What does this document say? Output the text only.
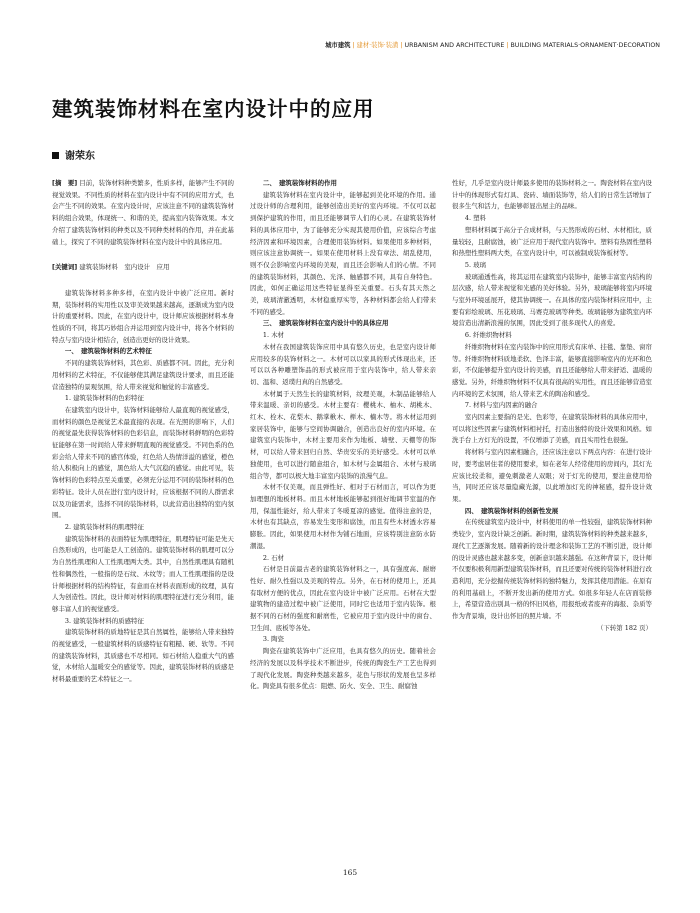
城市建筑 | 建材·装饰·装潢 | URBANISM AND ARCHITECTURE | BUILDING MATERIALS·ORNAMENT·DECORATION
建筑装饰材料在室内设计中的应用
谢荣东

[摘　要] 目前，装饰材料种类繁多，性质多样，能够产生不同的视觉效果。不同性质的材料在室内设计中有不同的应用方式，也会产生不同的效果。在室内设计时，应该注意不同的建筑装饰材料的组合效果，体现统一、和谐的美，提高室内装饰效果。本文介绍了建筑装饰材料的种类以及不同种类材料的作用，并在此基础上，探究了不同的建筑装饰材料在室内设计中的具体应用。

[关键词] 建筑装饰材料　室内设计　应用

建筑装饰材料多种多样，在室内设计中被广泛应用。新时期，装饰材料的实用性以及审美效果越来越高，逐渐成为室内设计的重要材料。因此，在室内设计中，设计师应该根据材料本身性质的不同，将其巧妙组合并运用到室内设计中，将各个材料的特点与室内设计相结合，创造出更好的设计效果。

一、　建筑装饰材料的艺术特征

不同的建筑装饰材料，其色彩、质感都不同。因此，充分利用材料的艺术特征，不仅能够使其满足建筑设计要求，而且还能营造独特的景观氛围，给人带来视觉和触觉的丰富感受。

1. 建筑装饰材料的色彩特征

在建筑室内设计中，装饰材料能够给人最直观的视觉感受，而材料的颜色是视觉艺术最直接的表现。在光照的影响下，人们的视觉最先获得装饰材料的色彩信息，而装饰材料鲜明的色彩特征能够在第一时间给人带来鲜明直观的视觉感受。不同色系的色彩会给人带来不同的感官体验，红色给人热情洋溢的感觉，橙色给人积极向上的感觉，黑色给人大气沉稳的感觉。由此可见，装饰材料的色彩特点至关重要，必须充分运用不同的装饰材料的色彩特征。设计人员在进行室内设计时，应该根据不同的人群需求以及功能需求，选择不同的装饰材料，以此营造出独特的室内氛围。

2. 建筑装饰材料的肌理特征

建筑装饰材料的表面特征为肌理特征，肌理特征可能是先天自然形成的，也可能是人工创造的。建筑装饰材料的肌理可以分为自然性肌理和人工性肌理两大类。其中，自然性肌理具有随机性和偶然性，一般指的是石纹、木纹等；而人工性肌理指的是设计师根据材料的结构特征，有意而在材料表面形成的纹理，具有人为创造性。因此，设计师对材料的肌理特征进行充分利用，能够丰富人们的视觉感受。

3. 建筑装饰材料的质感特征

建筑装饰材料的质地特征是其自然属性，能够给人带来独特的视觉感受，一般建筑材料的质感特征有粗糙、硬、软等。不同的建筑装饰材料，其质感也不尽相同。如石材给人稳重大气的感觉，木材给人温暖安全的感觉等。因此，建筑装饰材料的质感是材料最重要的艺术特征之一。

二、　建筑装饰材料的作用

建筑装饰材料在室内设计中，能够起到美化环境的作用。通过设计师的合理利用，能够创造出美好的室内环境。不仅可以起到保护建筑的作用，而且还能够调节人们的心灵。在建筑装饰材料的具体应用中，为了能够充分实现其使用价值，应该综合考虑经济因素和环境因素，合理使用装饰材料。如果使用多种材料，则应该注意协调统一。如果在使用材料上没有章法、胡乱使用，则不仅会影响室内环境的美观，而且还会影响人们的心情。不同的建筑装饰材料，其颜色、光泽、触感都不同，具有自身特色。因此，如何正确运用这些特征显得至关重要。石头有其天然之美，玻璃清澈透明，木材稳重厚实等，各种材料都会给人们带来不同的感受。

三、　建筑装饰材料在室内设计中的具体应用

1. 木材

木材在我国建筑装饰应用中具有悠久历史，也是室内设计师应用较多的装饰材料之一。木材可以以家具的形式体现出来，还可以以各种雕塑饰品的形式被应用于室内装饰中，给人带来亲切、温和、返璞归真的自然感受。

木材属于天然生长的建筑材料，纹理美观，木制品能够给人带来温暖、亲切的感受。木材主要有：樱桃木、柚木、胡桃木、红木、栓木、花梨木、鹅掌楸木、榉木、楠木等。将木材运用到家居装饰中，能够与空间协调融合，创造出良好的室内环境。在建筑室内装饰中，木材主要用来作为地板、墙壁、天棚等的饰材，可以给人带来回归自然、华贵安乐的美好感受。木材可以单独使用，也可以进行随意组合，如木材与金属组合、木材与玻璃组合等，都可以极大地丰富室内装饰的浪漫气息。

木材不仅美观，而且弹性好、相对于石材而言，可以作为更加理想的地板材料。而且木材地板能够起到很好地调节室温的作用，保温性能好，给人带来了冬暖夏凉的感觉。值得注意的是，木材也有其缺点，容易发生变形和腐蚀，而且有些木材透水容易膨胀。因此，如果使用木材作为铺石地面，应该特别注意防水防潮湿。

2. 石材

石材是目前最古老的建筑装饰材料之一，具有强度高、耐磨性好、耐久性强以及美观的特点。另外，在石材的使用上，还具有取材方便的优点，因此在室内设计中被广泛应用。石材在大型建筑物的建造过程中被广泛使用，同时它也适用于室内装饰。根据不同的石材的强度和耐磨性，它被应用于室内设计中的窗台、卫生间、底板等各处。

3. 陶瓷

陶瓷在建筑装饰中广泛应用，也具有悠久的历史。随着社会经济的发展以及科学技术不断进步，传统的陶瓷生产工艺也得到了现代化发展。陶瓷种类越来越多，花色与形状的发展也呈多样化。陶瓷具有很多优点：阻燃、防火、安全、卫生、耐腐蚀

性好，几乎是室内设计师最多使用的装饰材料之一。陶瓷材料在室内设计中的体现形式有灯具、瓷砖、墙面装饰等，给人们的日常生活增加了很多生气和活力，也能够彰显出屋主的品味。

4. 塑料

塑料材料属于高分子合成材料，与天然形成的石材、木材相比，质量较轻，且耐腐蚀，被广泛应用于现代室内装饰中。塑料有热固性塑料和热塑性塑料两大类，在室内设计中，可以被制成装饰板材等。

5. 玻璃

玻璃通透性高，将其运用在建筑室内装饰中，能够丰富室内结构的层次感，给人带来视觉和光感的美好体验。另外，玻璃能够将室内环境与室外环境延展开，使其协调统一。在具体的室内装饰材料应用中，主要有彩绘玻璃、压花玻璃、马赛克玻璃等种类。玻璃能够为建筑室内环境营造出清新浪漫的氛围，因此受到了很多现代人的喜爱。

6. 纤维织物材料

纤维织物材料在室内装饰中的应用形式有床单、挂毯、靠垫、窗帘等。纤维织物材料质地柔软、色泽丰富，能够直接影响室内的光环和色彩，不仅能够提升室内设计的美感，而且还能够给人带来舒适、温暖的感觉。另外，纤维织物材料不仅具有很高的实用性，而且还能够营造室内环境的艺术氛围，给人带来艺术的陶冶和感受。

7. 材料与室内因素的融合

室内因素主要指的是光、色彩等，在建筑装饰材料的具体应用中，可以将这些因素与建筑材料相衬托，打造出独特的设计效果和风格。如洗手台上方灯光的设置，不仅增添了美感，而且实用性也很强。

将材料与室内因素相融合，还应该注意以下两点内容：在进行设计时，要考虑居住者的使用要求，如在老年人经常使用的房间内，其灯光应该比较柔和，避免刺激老人双眼；对于灯光的使用，要注意使用恰当，同时还应该尽量隐藏光源，以此增加灯光的神秘感，提升设计效果。

四、　建筑装饰材料的创新性发展

在传统建筑室内设计中，材料使用的单一性较强，建筑装饰材料种类较少，室内设计缺乏创新。新时期，建筑装饰材料的种类越来越多，现代工艺逐渐发展。随着新的设计理念和装饰工艺的不断引进，设计师的设计灵感也越来越多变，创新意识越来越强。在这种背景下，设计师不仅要积极利用新型建筑装饰材料，而且还要对传统的装饰材料进行改造利用，充分挖掘传统装饰材料的独特魅力，发挥其使用潜能。在原有的利用基础上，不断开发出新的使用方式。如很多年轻人在店面装修上，希望营造出别具一格的怀旧风格，用报纸或者废弃的海报、杂质等作为背景墙，设计出怀旧的照片墙。不

（下转第 182 页）

165
